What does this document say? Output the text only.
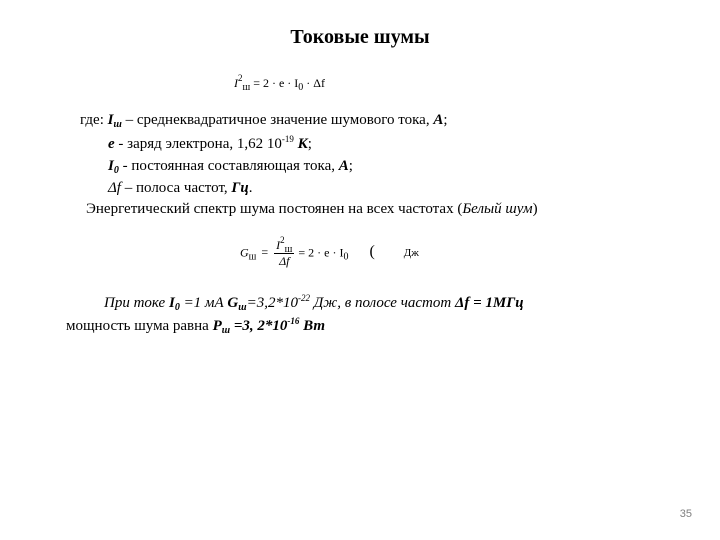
Токовые шумы
$I^2_ш = 2 \cdot e \cdot I_0 \cdot \Delta f$
где: $I_ш$ – среднеквадратичное значение шумового тока, А;
e - заряд электрона, 1,62 $10^{-19}$ К;
$I_0$ - постоянная составляющая тока, А;
Δf – полоса частот, Гц.
Энергетический спектр шума постоянен на всех частотах (Белый шум)
$G_ш = \frac{I^2_ш}{\Delta f} = 2 \cdot e \cdot I_0$ (	Дж
При токе $I_0 =1$ мА $G_ш=3,2*10^{-22}$ Дж, в полосе частот Δf = 1МГц
мощность шума равна $P_ш =3$, $2*10^{-16}$ Вт
35
